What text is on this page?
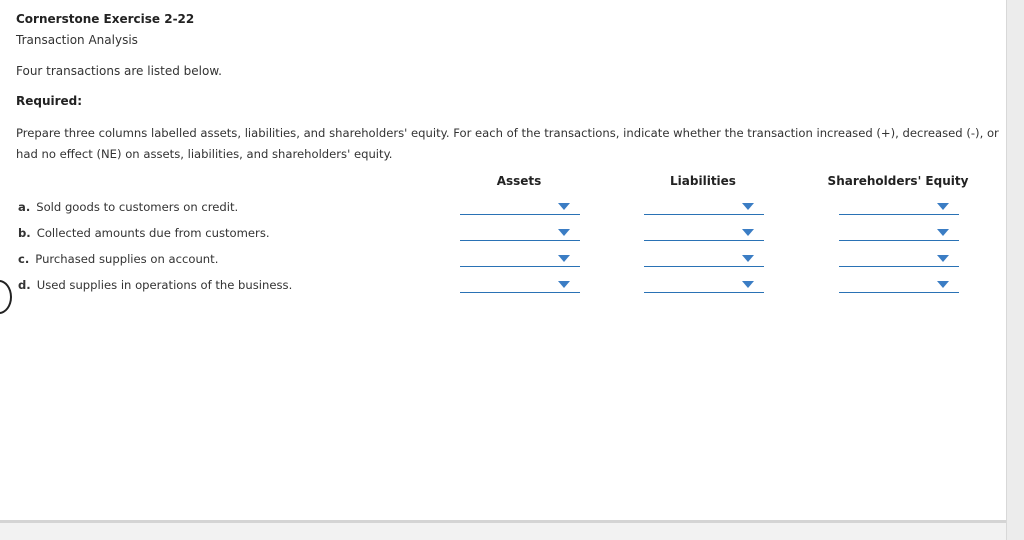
Cornerstone Exercise 2-22
Transaction Analysis
Four transactions are listed below.
Required:
Prepare three columns labelled assets, liabilities, and shareholders' equity. For each of the transactions, indicate whether the transaction increased (+), decreased (-), or had no effect (NE) on assets, liabilities, and shareholders' equity.
Assets	Liabilities	Shareholders' Equity
a. Sold goods to customers on credit.
b. Collected amounts due from customers.
c. Purchased supplies on account.
d. Used supplies in operations of the business.
